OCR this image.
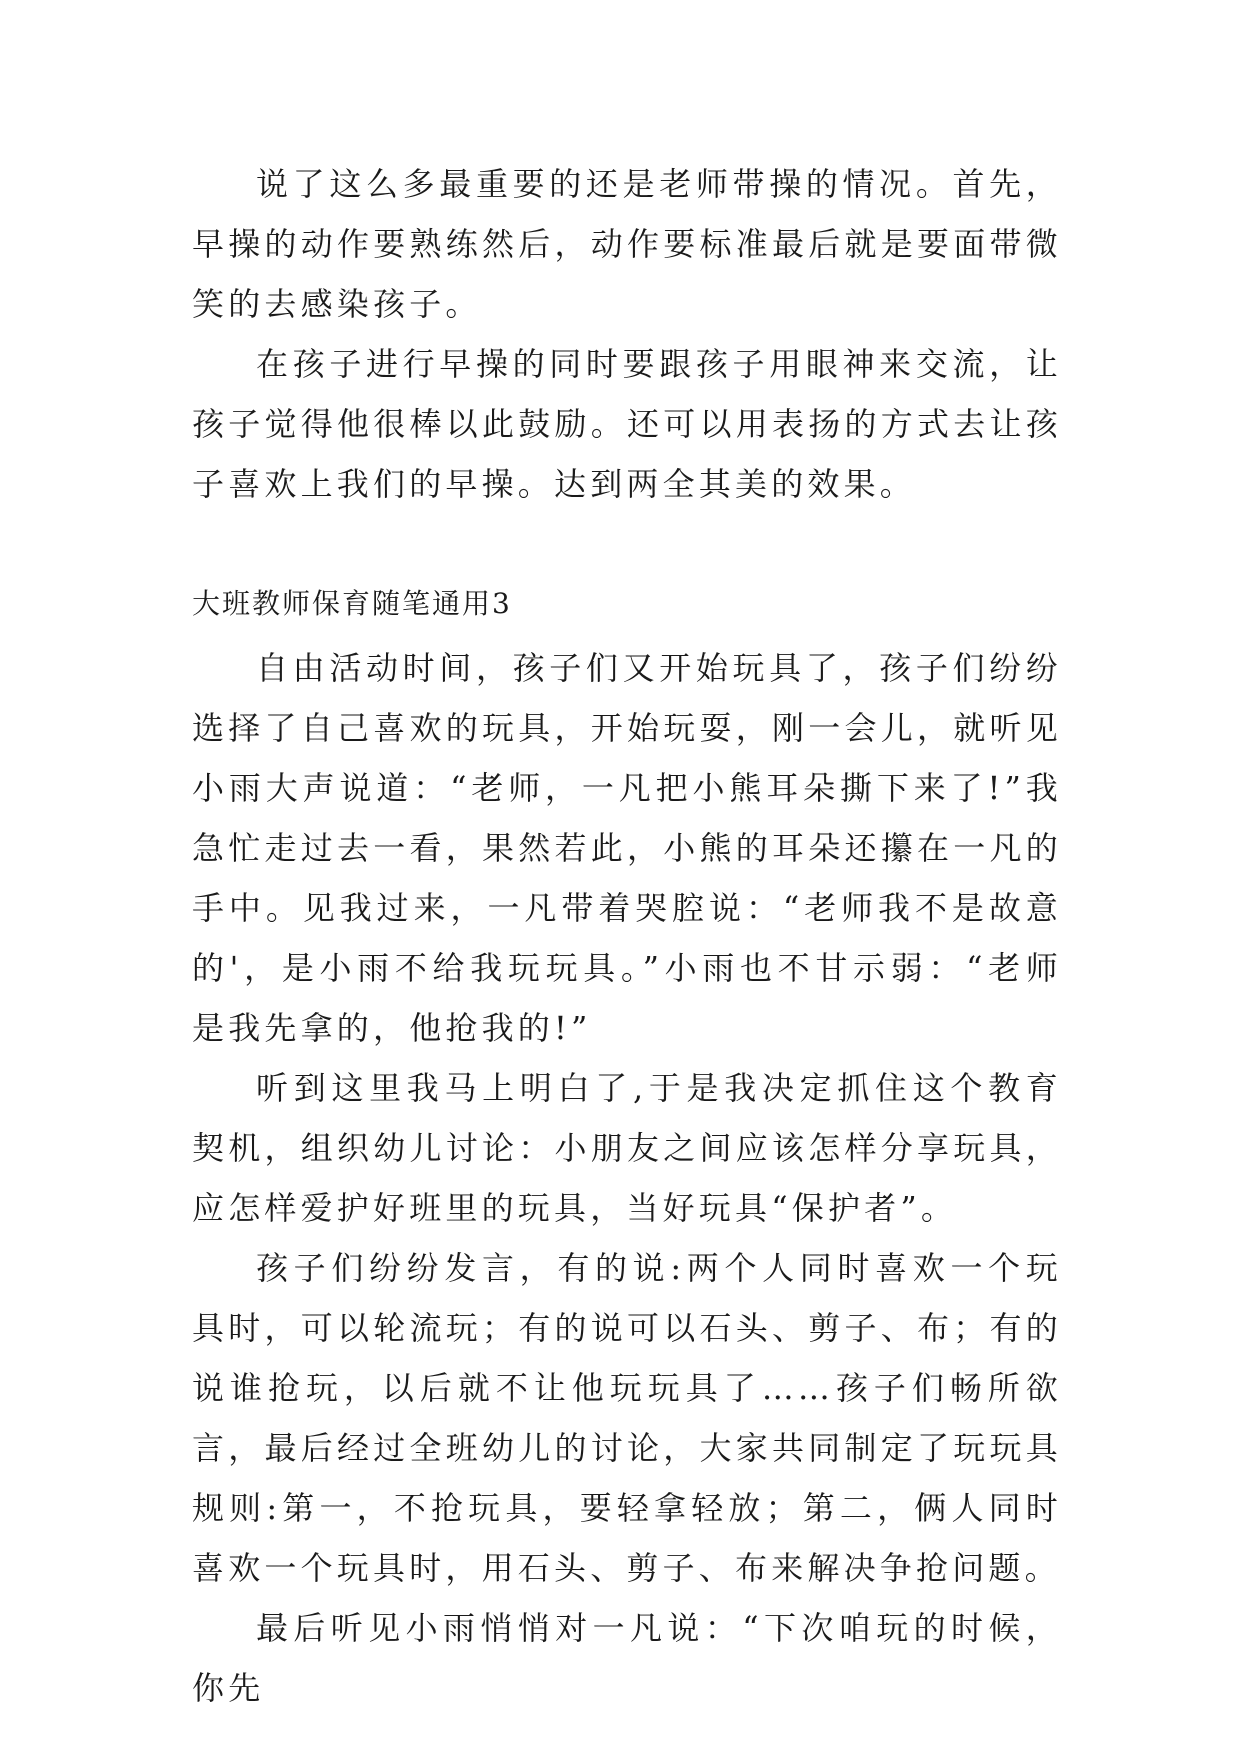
说了这么多最重要的还是老师带操的情况。首先，早操的动作要熟练然后，动作要标准最后就是要面带微笑的去感染孩子。

在孩子进行早操的同时要跟孩子用眼神来交流，让孩子觉得他很棒以此鼓励。还可以用表扬的方式去让孩子喜欢上我们的早操。达到两全其美的效果。

大班教师保育随笔通用3

自由活动时间，孩子们又开始玩具了，孩子们纷纷选择了自己喜欢的玩具，开始玩耍，刚一会儿，就听见小雨大声说道：“老师，一凡把小熊耳朵撕下来了!”我急忙走过去一看，果然若此，小熊的耳朵还攥在一凡的手中。见我过来，一凡带着哭腔说：“老师我不是故意的'，是小雨不给我玩玩具。”小雨也不甘示弱：“老师是我先拿的，他抢我的!”

听到这里我马上明白了,于是我决定抓住这个教育契机，组织幼儿讨论：小朋友之间应该怎样分享玩具，应怎样爱护好班里的玩具，当好玩具“保护者”。

孩子们纷纷发言，有的说:两个人同时喜欢一个玩具时，可以轮流玩；有的说可以石头、剪子、布；有的说谁抢玩，以后就不让他玩玩具了……孩子们畅所欲言，最后经过全班幼儿的讨论，大家共同制定了玩玩具规则:第一，不抢玩具，要轻拿轻放；第二，俩人同时喜欢一个玩具时，用石头、剪子、布来解决争抢问题。

最后听见小雨悄悄对一凡说：“下次咱玩的时候，你先
